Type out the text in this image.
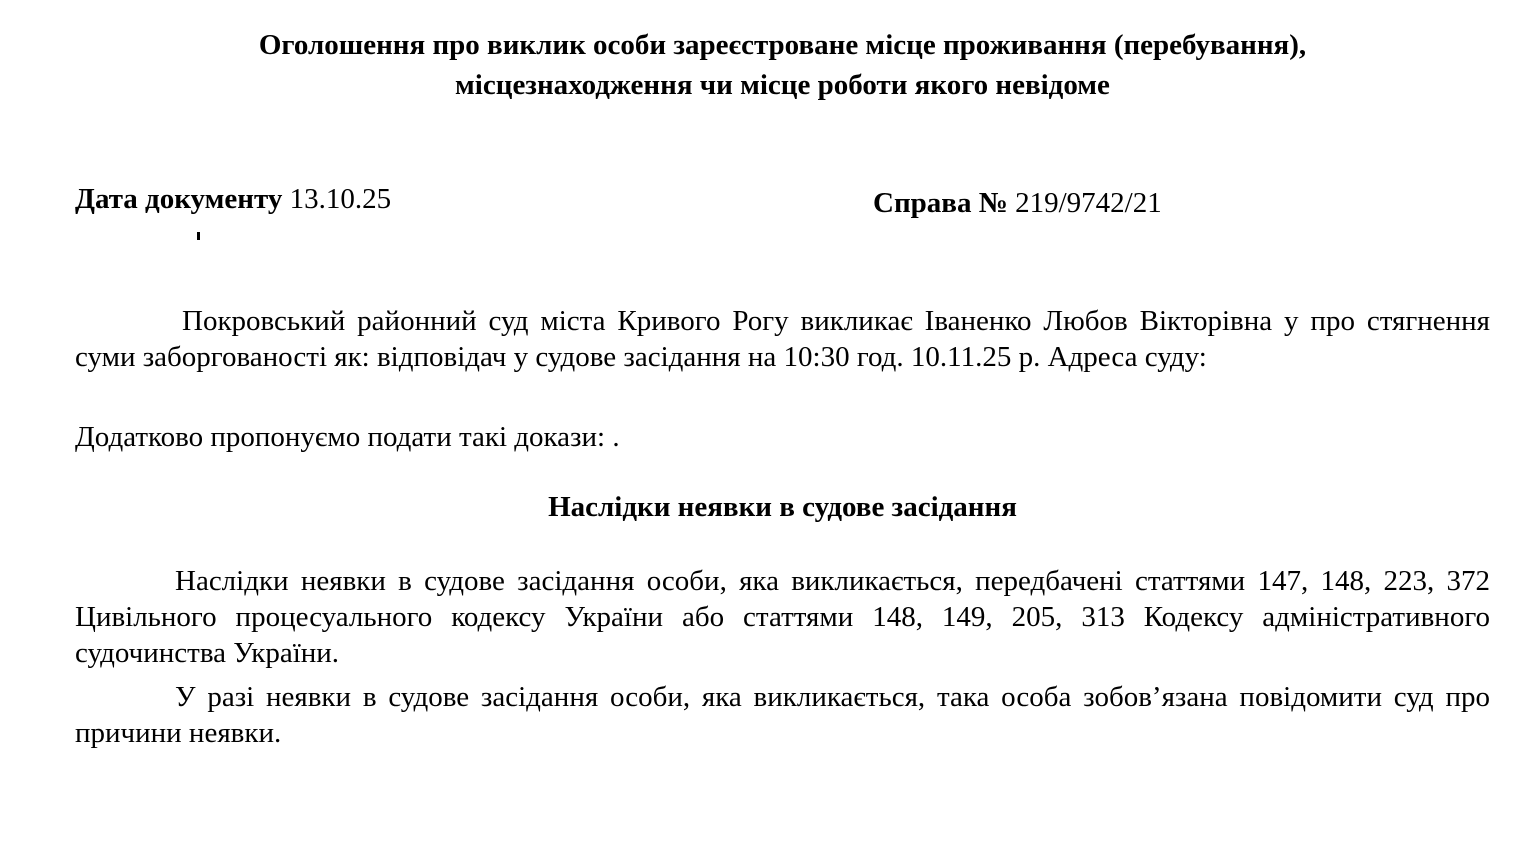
Оголошення про виклик особи зареєстроване місце проживання (перебування),
місцезнаходження чи місце роботи якого невідоме
Дата документу 13.10.25	Справа № 219/9742/21

Покровський районний суд міста Кривого Рогу викликає Іваненко Любов Вікторівна у про стягнення суми заборгованості як: відповідач у судове засідання на 10:30 год. 10.11.25 р. Адреса суду:

Додатково пропонуємо подати такі докази: .

Наслідки неявки в судове засідання

Наслідки неявки в судове засідання особи, яка викликається, передбачені статтями 147, 148, 223, 372 Цивільного процесуального кодексу України або статтями 148, 149, 205, 313 Кодексу адміністративного судочинства України.

У разі неявки в судове засідання особи, яка викликається, така особа зобов’язана повідомити суд про причини неявки.
